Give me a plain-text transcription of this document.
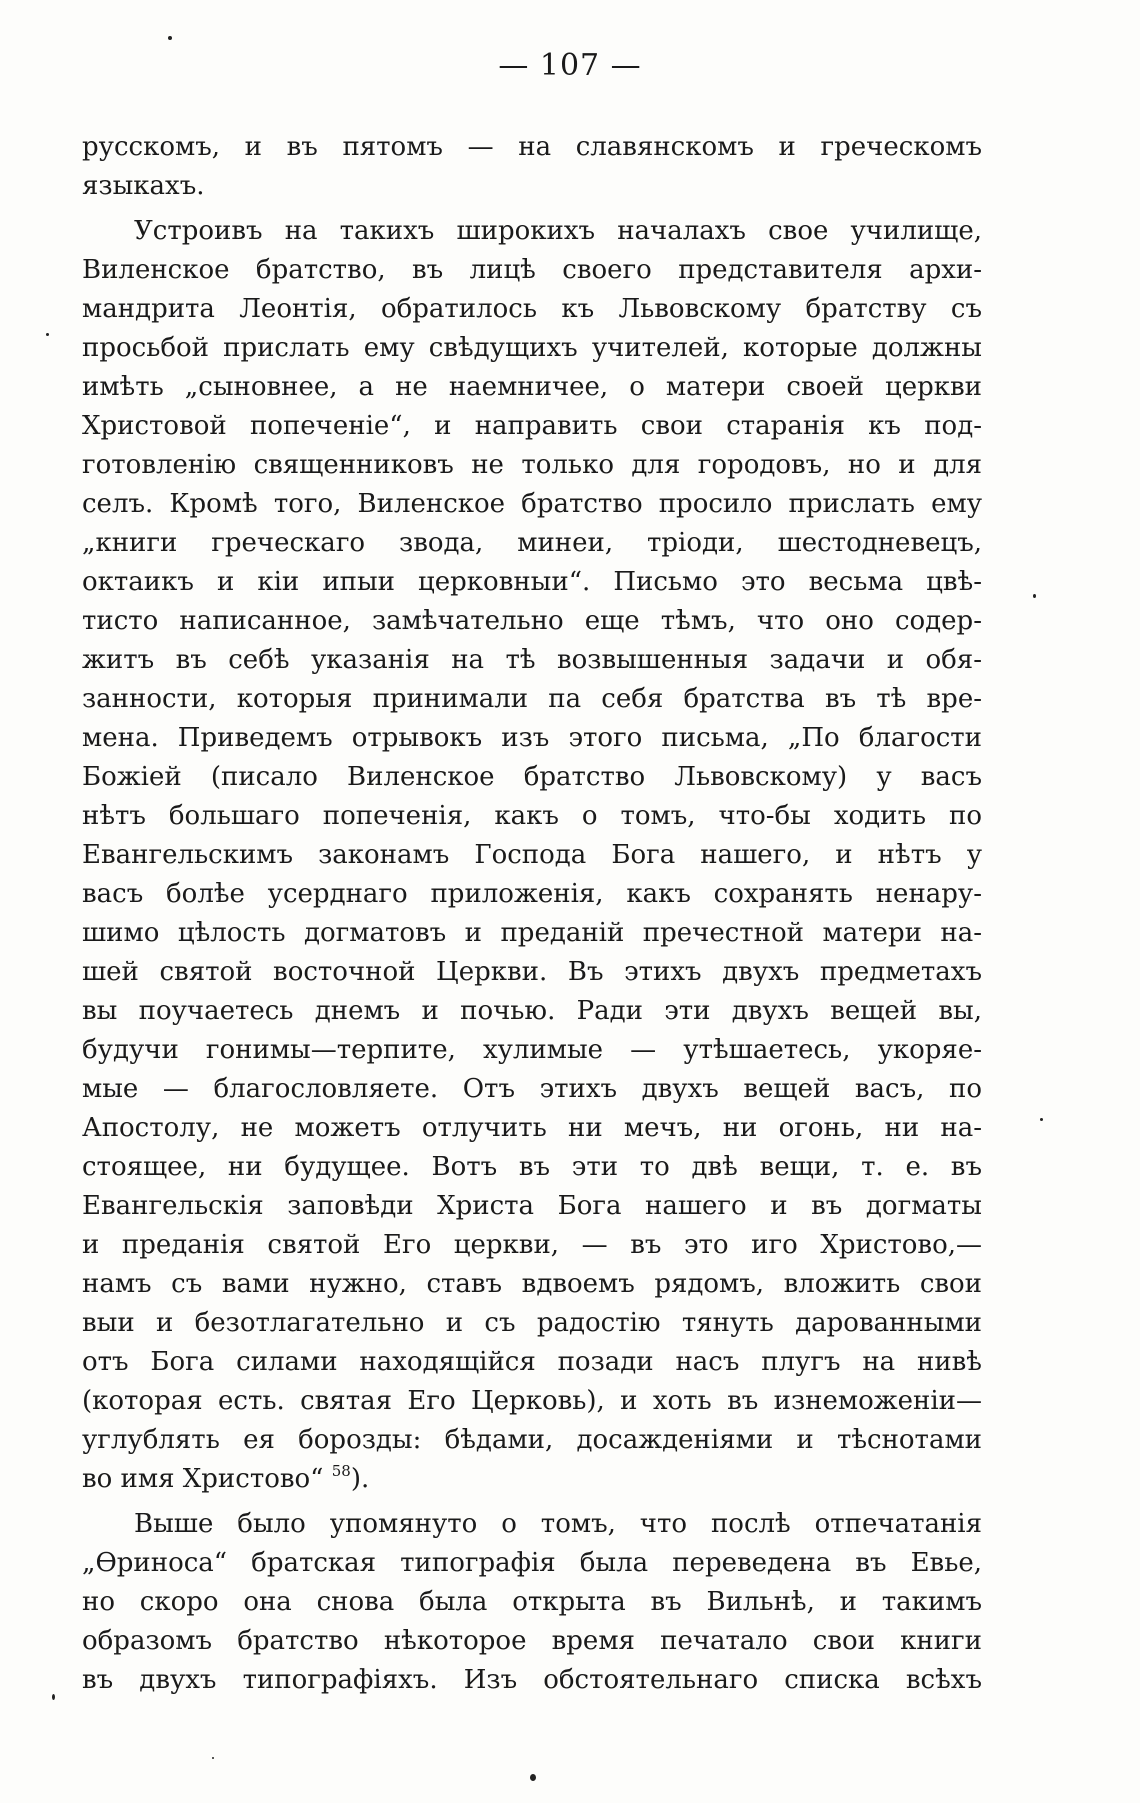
— 107 —
русскомъ, и въ пятомъ — на славянскомъ и греческомъ
языкахъ.
Устроивъ на такихъ широкихъ началахъ свое училище,
Виленское братство, въ лицѣ своего представителя архи-
мандрита Леонтія, обратилось къ Львовскому братству съ
просьбой прислать ему свѣдущихъ учителей, которые должны
имѣть „сыновнее, а не наемничее, о матери своей церкви
Христовой попеченіе“, и направить свои старанія къ под-
готовленію священниковъ не только для городовъ, но и для
селъ. Кромѣ того, Виленское братство просило прислать ему
„книги греческаго звода, минеи, тріоди, шестодневецъ,
октаикъ и кіи ипыи церковныи“. Письмо это весьма цвѣ-
тисто написанное, замѣчательно еще тѣмъ, что оно содер-
житъ въ себѣ указанія на тѣ возвышенныя задачи и обя-
занности, которыя принимали па себя братства въ тѣ вре-
мена. Приведемъ отрывокъ изъ этого письма, „По благости
Божіей (писало Виленское братство Львовскому) у васъ
нѣтъ большаго попеченія, какъ о томъ, что-бы ходить по
Евангельскимъ законамъ Господа Бога нашего, и нѣтъ у
васъ болѣе усерднаго приложенія, какъ сохранять ненару-
шимо цѣлость догматовъ и преданій пречестной матери на-
шей святой восточной Церкви. Въ этихъ двухъ предметахъ
вы поучаетесь днемъ и почью. Ради эти двухъ вещей вы,
будучи гонимы—терпите, хулимые — утѣшаетесь, укоряе-
мые — благословляете. Отъ этихъ двухъ вещей васъ, по
Апостолу, не можетъ отлучить ни мечъ, ни огонь, ни на-
стоящее, ни будущее. Вотъ въ эти то двѣ вещи, т. е. въ
Евангельскія заповѣди Христа Бога нашего и въ догматы
и преданія святой Его церкви, — въ это иго Христово,—
намъ съ вами нужно, ставъ вдвоемъ рядомъ, вложить свои
выи и безотлагательно и съ радостію тянуть дарованными
отъ Бога силами находящійся позади насъ плугъ на нивѣ
(которая есть. святая Его Церковь), и хоть въ изнеможеніи—
углублять ея борозды: бѣдами, досажденіями и тѣснотами
во имя Христово“ $^{58}$).
Выше было упомянуто о томъ, что послѣ отпечатанія
„Ѳриноса“ братская типографія была переведена въ Евье,
но скоро она снова была открыта въ Вильнѣ, и такимъ
образомъ братство нѣкоторое время печатало свои книги
въ двухъ типографіяхъ. Изъ обстоятельнаго списка всѣхъ
